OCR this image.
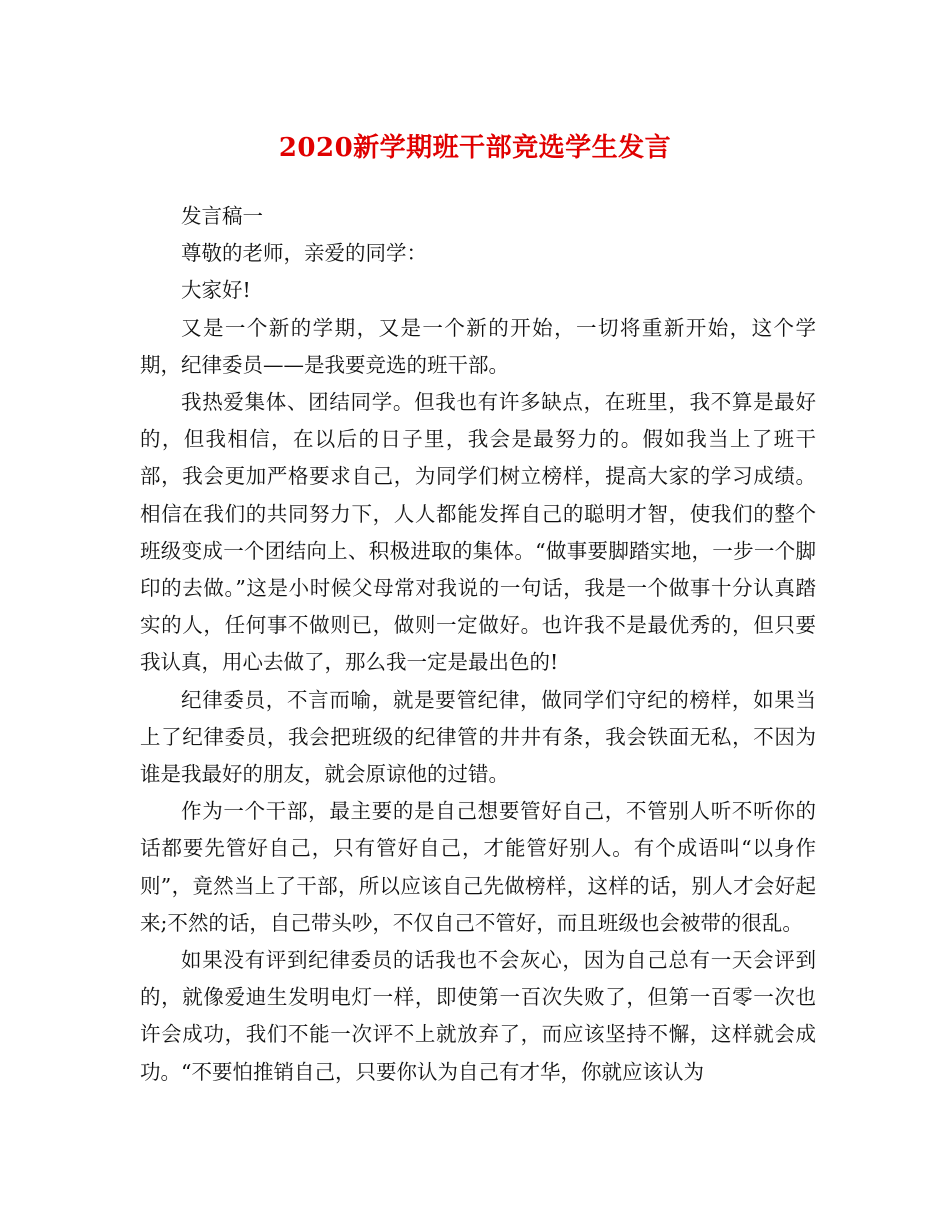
2020新学期班干部竞选学生发言

发言稿一

尊敬的老师，亲爱的同学：

大家好!

又是一个新的学期，又是一个新的开始，一切将重新开始，这个学期，纪律委员——是我要竞选的班干部。

我热爱集体、团结同学。但我也有许多缺点，在班里，我不算是最好的，但我相信，在以后的日子里，我会是最努力的。假如我当上了班干部，我会更加严格要求自己，为同学们树立榜样，提高大家的学习成绩。相信在我们的共同努力下，人人都能发挥自己的聪明才智，使我们的整个班级变成一个团结向上、积极进取的集体。“做事要脚踏实地，一步一个脚印的去做。”这是小时候父母常对我说的一句话，我是一个做事十分认真踏实的人，任何事不做则已，做则一定做好。也许我不是最优秀的，但只要我认真，用心去做了，那么我一定是最出色的!

纪律委员，不言而喻，就是要管纪律，做同学们守纪的榜样，如果当上了纪律委员，我会把班级的纪律管的井井有条，我会铁面无私，不因为谁是我最好的朋友，就会原谅他的过错。

作为一个干部，最主要的是自己想要管好自己，不管别人听不听你的话都要先管好自己，只有管好自己，才能管好别人。有个成语叫“以身作则”，竟然当上了干部，所以应该自己先做榜样，这样的话，别人才会好起来;不然的话，自己带头吵，不仅自己不管好，而且班级也会被带的很乱。

如果没有评到纪律委员的话我也不会灰心，因为自己总有一天会评到的，就像爱迪生发明电灯一样，即使第一百次失败了，但第一百零一次也许会成功，我们不能一次评不上就放弃了，而应该坚持不懈，这样就会成功。“不要怕推销自己，只要你认为自己有才华，你就应该认为
